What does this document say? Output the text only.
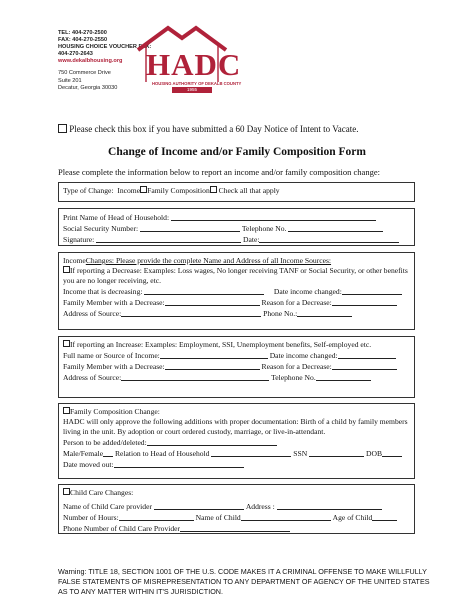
TEL: 404-270-2500
FAX: 404-270-2550
HOUSING CHOICE VOUCHER FAX:
404-270-2643
www.dekalbhousing.org
750 Commerce Drive
Suite 201
Decatur, Georgia 30030
HADC
HOUSING AUTHORITY OF DEKALB COUNTY
1955
Please check this box if you have submitted a 60 Day Notice of Intent to Vacate.
Change of Income and/or Family Composition Form
Please complete the information below to report an income and/or family composition change:
Type of Change: Income Family Composition Check all that apply
Print Name of Head of Household:
Social Security Number:	Telephone No.
Signature:	Date:
IncomeChanges: Please provide the complete Name and Address of all Income Sources:
If reporting a Decrease: Examples: Loss wages, No longer receiving TANF or Social Security, or other benefits
you are no longer receiving, etc.
Income that is decreasing:	Date income changed:
Family Member with a Decrease:	Reason for a Decrease:
Address of Source:	Phone No.:
If reporting an Increase: Examples: Employment, SSI, Unemployment benefits, Self-employed etc.
Full name or Source of Income:	Date income changed:
Family Member with a Decrease:	Reason for a Decrease:
Address of Source:	Telephone No.
Family Composition Change:
HADC will only approve the following additions with proper documentation: Birth of a child by family members
living in the unit. By adoption or court ordered custody, marriage, or live-in-attendant.
Person to be added/deleted:
Male/Female Relation to Head of Household	SSN	DOB
Date moved out:
Child Care Changes:
Name of Child Care provider	Address :
Number of Hours:	Name of Child	Age of Child
Phone Number of Child Care Provider
Warning: TITLE 18, SECTION 1001 OF THE U.S. CODE MAKES IT A CRIMINAL OFFENSE TO MAKE WILLFULLY FALSE STATEMENTS OF MISREPRESENTATION TO ANY DEPARTMENT OF AGENCY OF THE UNITED STATES AS TO ANY MATTER WITHIN IT'S JURISDICTION.
